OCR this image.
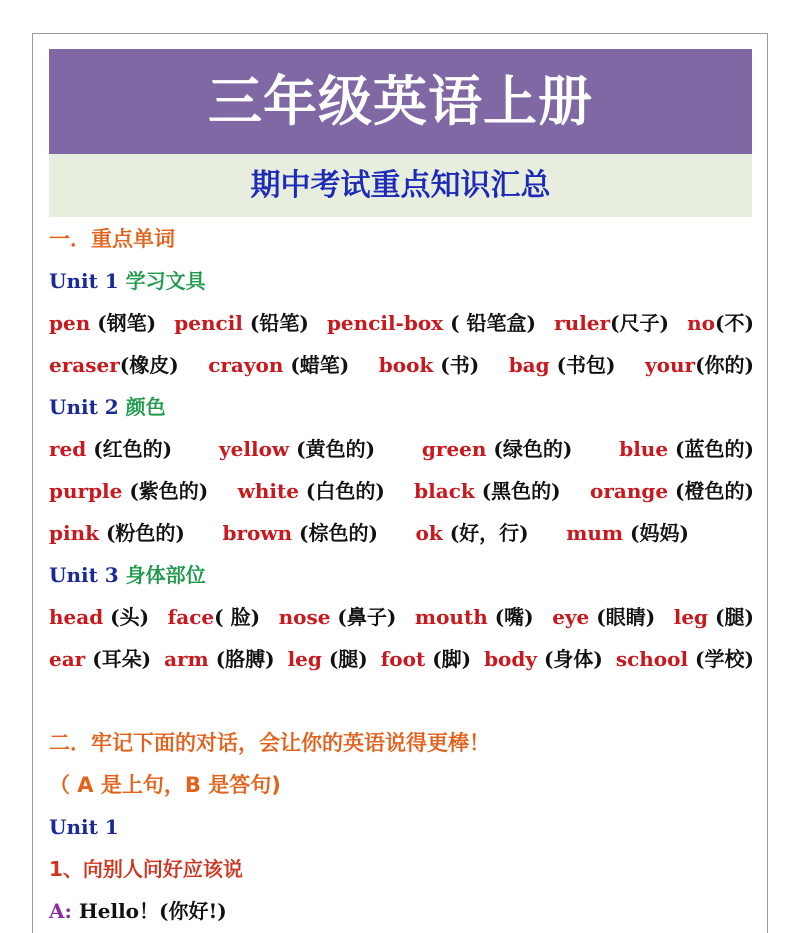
三年级英语上册
期中考试重点知识汇总
一．重点单词
Unit 1 学习文具
pen (钢笔) pencil (铅笔) pencil-box ( 铅笔盒) ruler(尺子) no(不)
eraser(橡皮) crayon (蜡笔) book (书) bag (书包) your(你的)
Unit 2 颜色
red (红色的) yellow (黄色的) green (绿色的) blue (蓝色的)
purple (紫色的) white (白色的) black (黑色的) orange (橙色的)
pink (粉色的) brown (棕色的) ok (好，行) mum (妈妈)
Unit 3 身体部位
head (头) face( 脸) nose (鼻子) mouth (嘴) eye (眼睛) leg (腿)
ear (耳朵) arm (胳膊) leg (腿) foot (脚) body (身体) school (学校)
二．牢记下面的对话，会让你的英语说得更棒！
（ A 是上句，B 是答句)
Unit 1
1、向别人问好应该说
A: Hello！(你好!)
